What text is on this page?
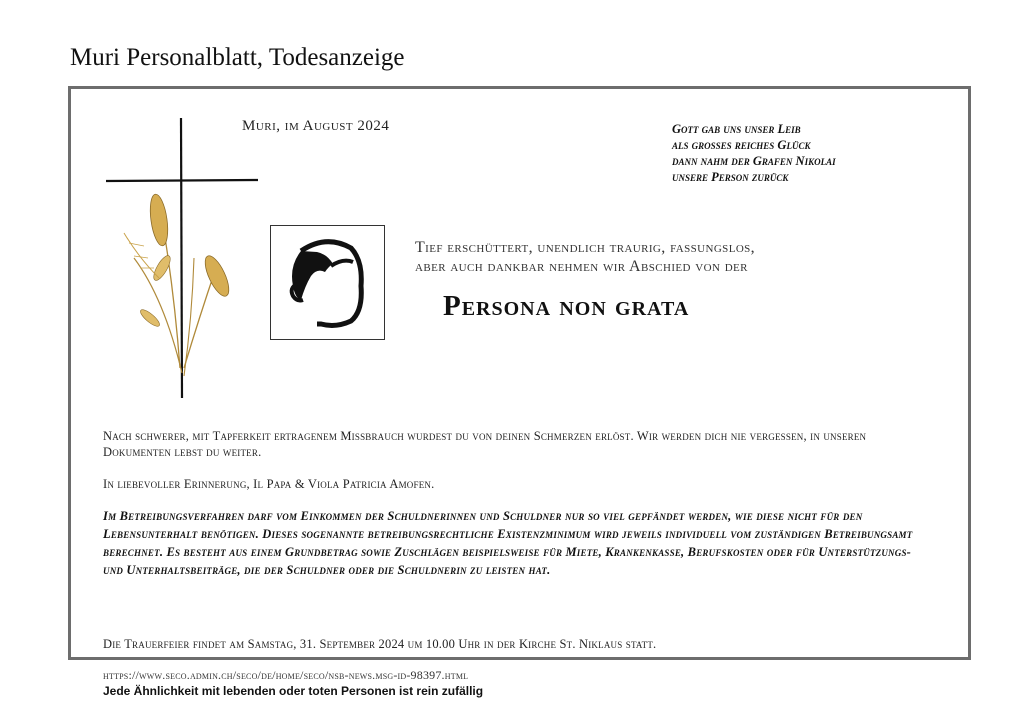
Muri Personalblatt, Todesanzeige
Muri, im August 2024	Gott gab uns unser Leib
als grosses reiches Glück
dann nahm der Grafen Nikolai
unsere Person zurück
Tief erschüttert, unendlich traurig, fassungslos,
aber auch dankbar nehmen wir Abschied von der
Persona non grata
Nach schwerer, mit Tapferkeit ertragenem Missbrauch wurdest du von deinen Schmerzen erlöst. Wir werden dich nie vergessen, in unseren Dokumenten lebst du weiter.
In liebevoller Erinnerung, Il Papa & Viola Patricia Amofen.
Im Betreibungsverfahren darf vom Einkommen der Schuldnerinnen und Schuldner nur so viel gepfändet werden, wie diese nicht für den Lebensunterhalt benötigen. Dieses sogenannte betreibungsrechtliche Existenzminimum wird jeweils individuell vom zuständigen Betreibungsamt berechnet. Es besteht aus einem Grundbetrag sowie Zuschlägen beispielsweise für Miete, Krankenkasse, Berufskosten oder für Unterstützungs- und Unterhaltsbeiträge, die der Schuldner oder die Schuldnerin zu leisten hat.
Die Trauerfeier findet am Samstag, 31. September 2024 um 10.00 Uhr in der Kirche St. Niklaus statt.
https://www.seco.admin.ch/seco/de/home/seco/nsb-news.msg-id-98397.html
Jede Ähnlichkeit mit lebenden oder toten Personen ist rein zufällig
